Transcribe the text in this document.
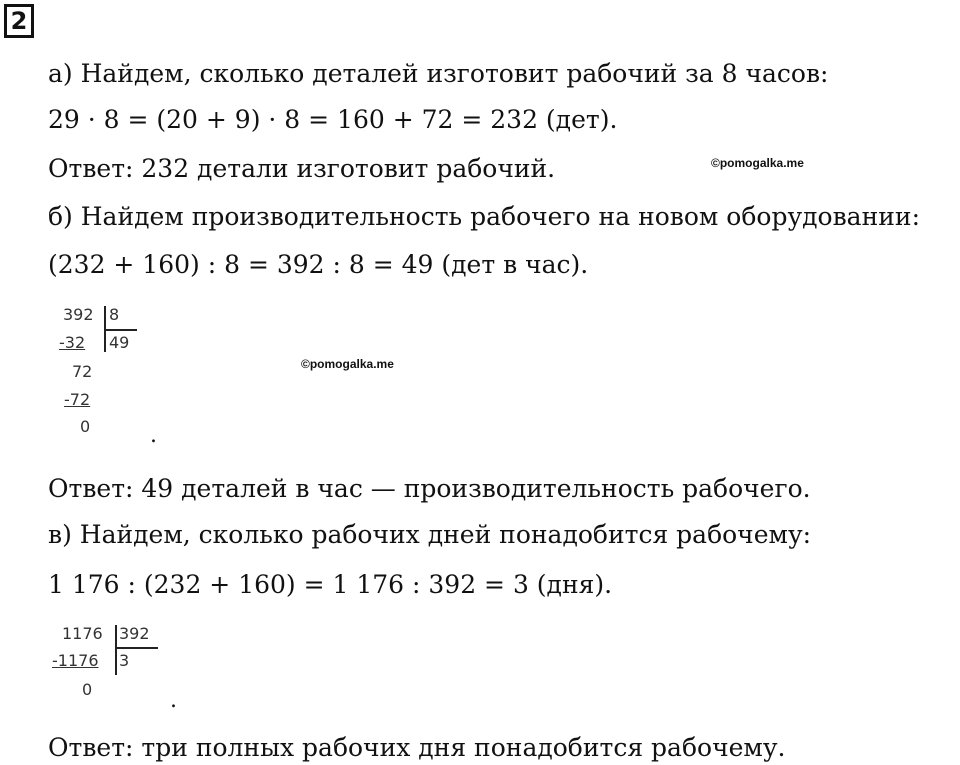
2
а) Найдем, сколько деталей изготовит рабочий за 8 часов:
29 · 8 = (20 + 9) · 8 = 160 + 72 = 232 (дет).
Ответ: 232 детали изготовит рабочий.	©pomogalka.me
б) Найдем производительность рабочего на новом оборудовании:
(232 + 160) : 8 = 392 : 8 = 49 (дет в час).
392 8
-32 49
72
-72
0
©pomogalka.me
.
Ответ: 49 деталей в час — производительность рабочего.
в) Найдем, сколько рабочих дней понадобится рабочему:
1 176 : (232 + 160) = 1 176 : 392 = 3 (дня).
1176 392
-1176 3
0	.
Ответ: три полных рабочих дня понадобится рабочему.
